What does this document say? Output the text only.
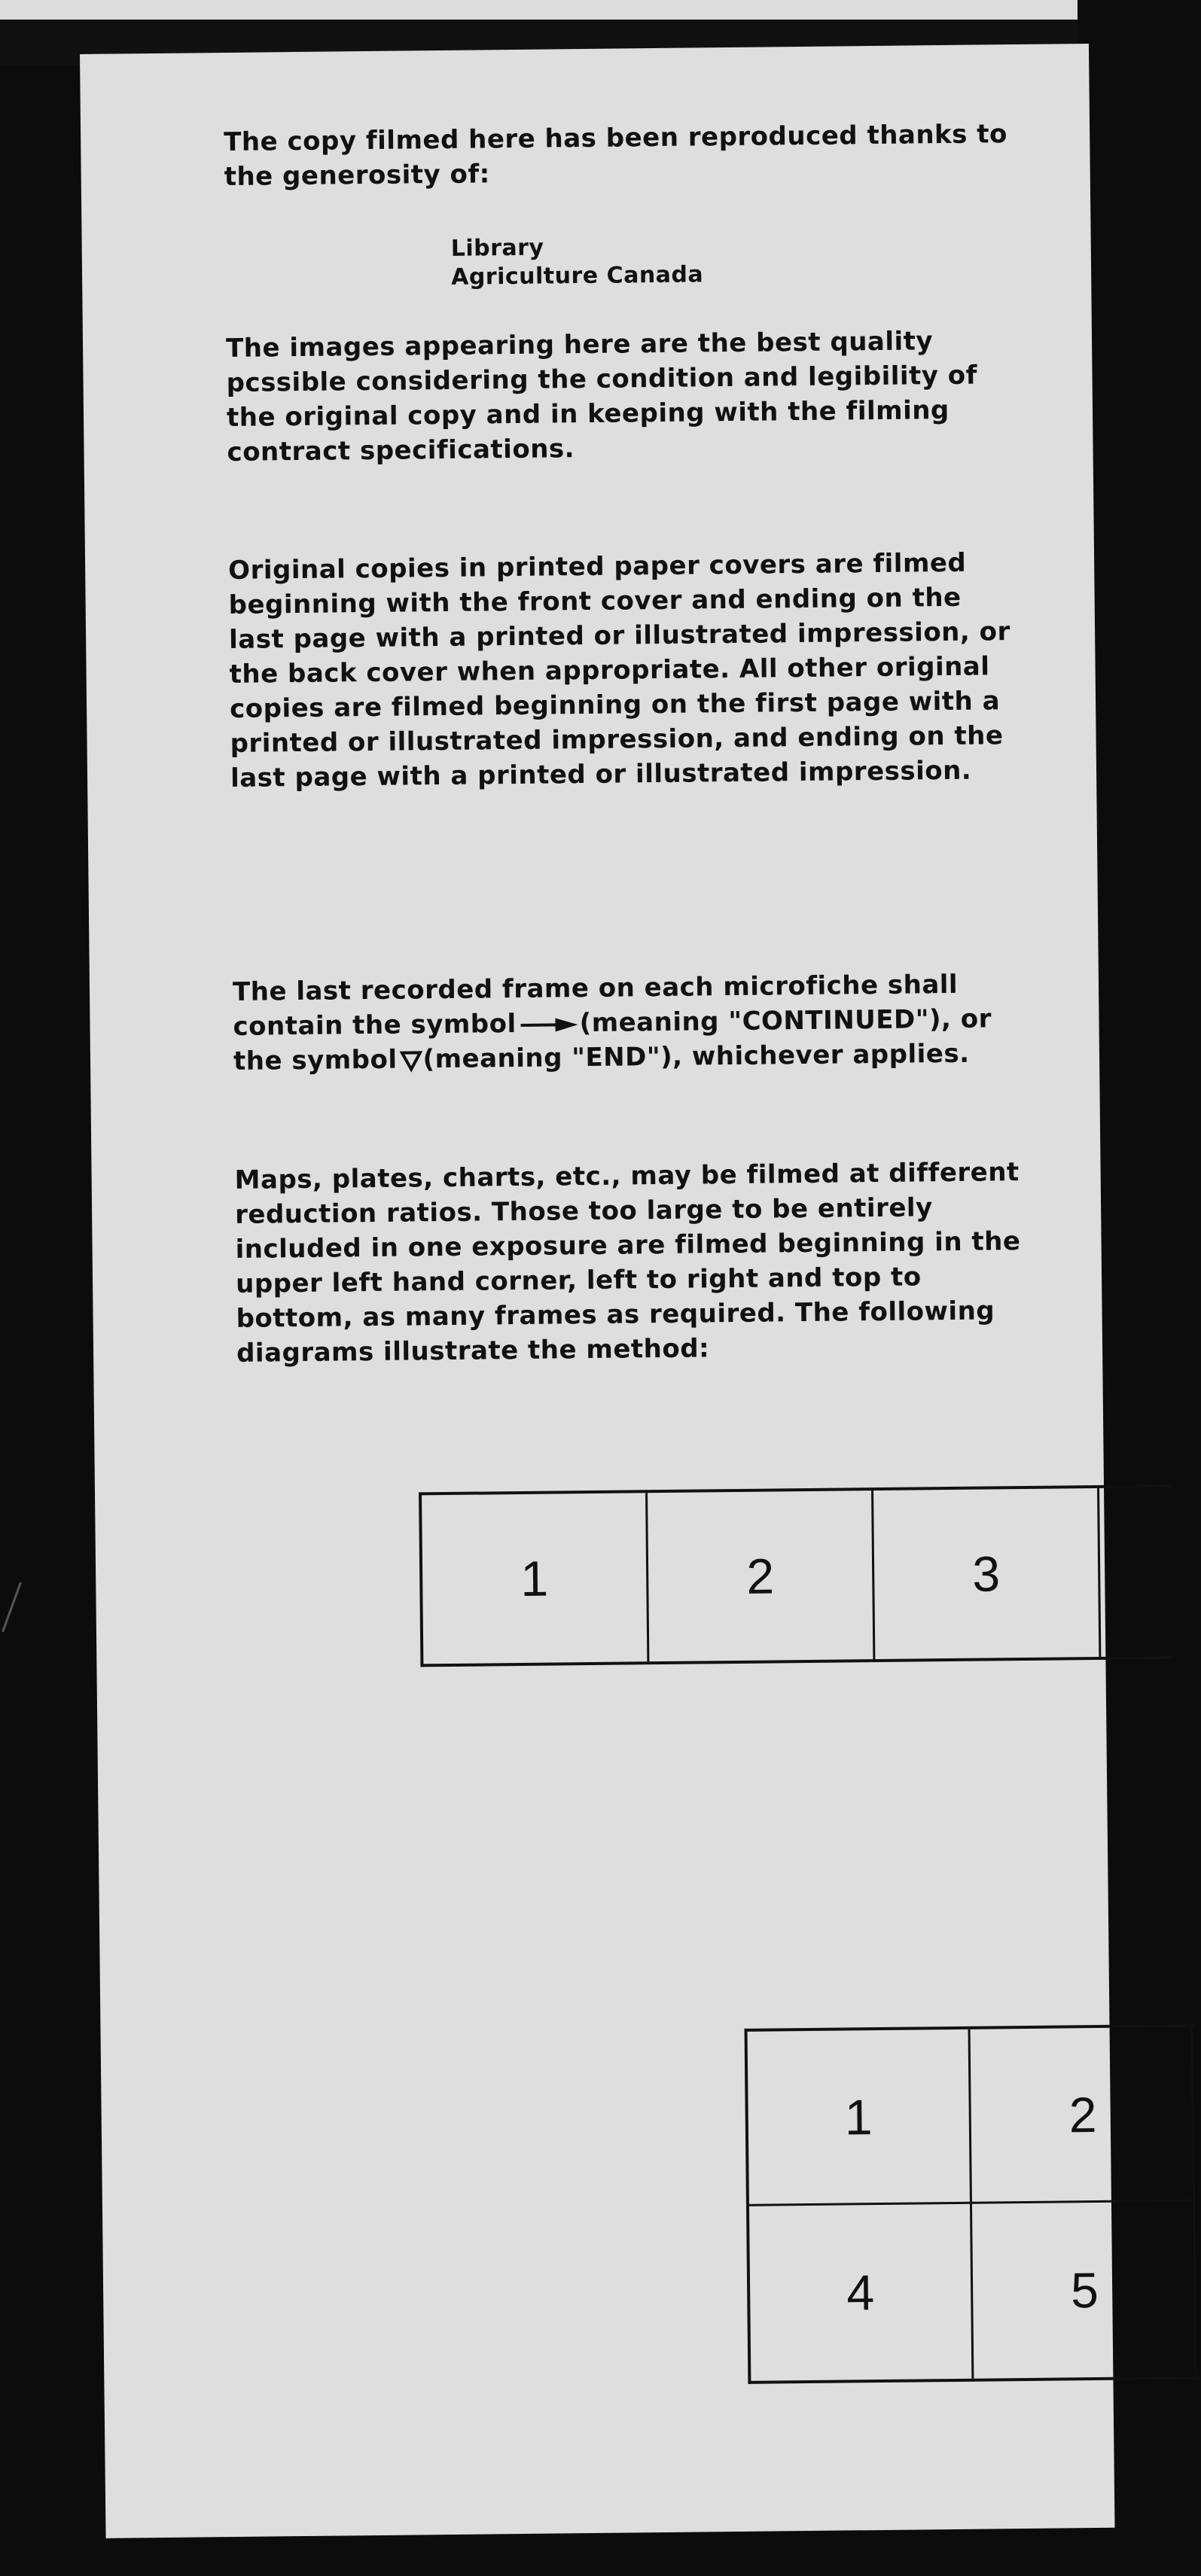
The copy filmed here has been reproduced thanks to the generosity of:

Library
Agriculture Canada

The images appearing here are the best quality pcssible considering the condition and legibility of the original copy and in keeping with the filming contract specifications.

Original copies in printed paper covers are filmed beginning with the front cover and ending on the last page with a printed or illustrated impression, or the back cover when appropriate. All other original copies are filmed beginning on the first page with a printed or illustrated impression, and ending on the last page with a printed or illustrated impression.

The last recorded frame on each microfiche shall contain the symbol (meaning "CONTINUED"), or the symbol (meaning "END"), whichever applies.

Maps, plates, charts, etc., may be filmed at different reduction ratios. Those too large to be entirely included in one exposure are filmed beginning in the upper left hand corner, left to right and top to bottom, as many frames as required. The following diagrams illustrate the method:

1	2	3
1	2
4	5
